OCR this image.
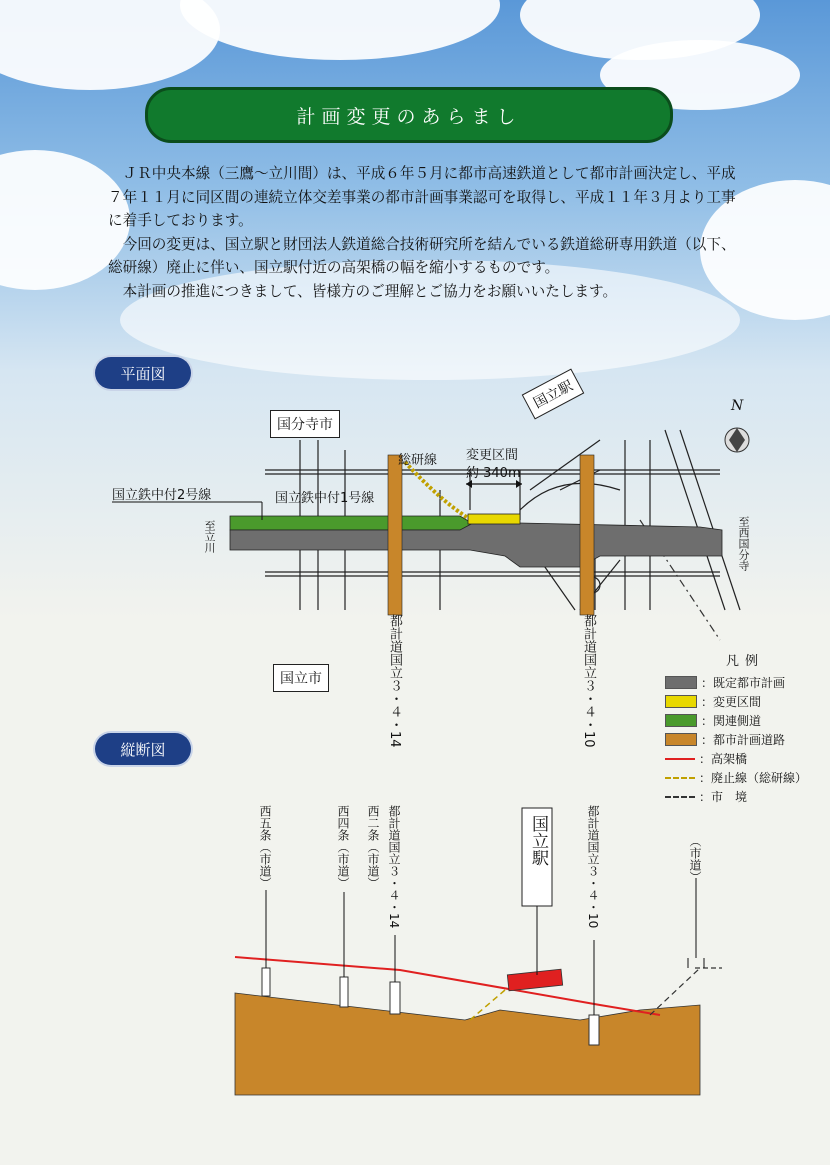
計画変更のあらまし

ＪＲ中央本線（三鷹～立川間）は、平成６年５月に都市高速鉄道として都市計画決定し、平成７年１１月に同区間の連続立体交差事業の都市計画事業認可を取得し、平成１１年３月より工事に着手しております。

今回の変更は、国立駅と財団法人鉄道総合技術研究所を結んでいる鉄道総研専用鉄道（以下、総研線）廃止に伴い、国立駅付近の高架橋の幅を縮小するものです。

本計画の推進につきまして、皆様方のご理解とご協力をお願いいたします。

平面図
縦断図
国分寺市
国立市
国立駅
総研線 変更区間
約 340m
国立鉄中付1号線
国立鉄中付2号線
至立川	至西国分寺
都計道国立３・４・14	都計道国立３・４・10
N
凡例
：既定都市計画
：変更区間
：関連側道
：都市計画道路
：高架橋
：廃止線（総研線）
：市　境
西五条（市道）	西四条（市道） 西二条（市道） 都計道国立３・４・14	国立駅	都計道国立３・４・10	（市道）
